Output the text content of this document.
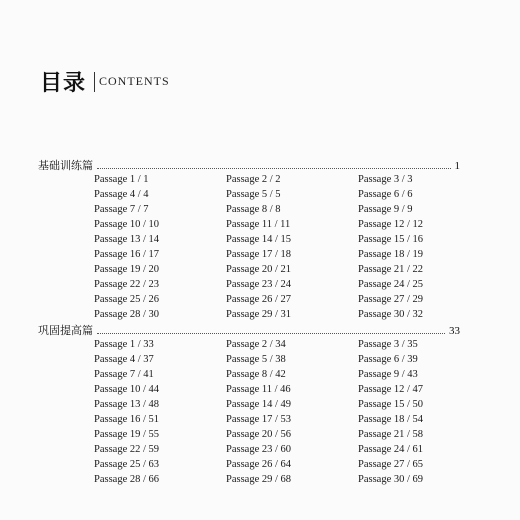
目录 CONTENTS
基础训练篇	1
Passage 1 / 1	Passage 2 / 2	Passage 3 / 3
Passage 4 / 4	Passage 5 / 5	Passage 6 / 6
Passage 7 / 7	Passage 8 / 8	Passage 9 / 9
Passage 10 / 10	Passage 11 / 11	Passage 12 / 12
Passage 13 / 14	Passage 14 / 15	Passage 15 / 16
Passage 16 / 17	Passage 17 / 18	Passage 18 / 19
Passage 19 / 20	Passage 20 / 21	Passage 21 / 22
Passage 22 / 23	Passage 23 / 24	Passage 24 / 25
Passage 25 / 26	Passage 26 / 27	Passage 27 / 29
Passage 28 / 30	Passage 29 / 31	Passage 30 / 32
巩固提高篇	33
Passage 1 / 33	Passage 2 / 34	Passage 3 / 35
Passage 4 / 37	Passage 5 / 38	Passage 6 / 39
Passage 7 / 41	Passage 8 / 42	Passage 9 / 43
Passage 10 / 44	Passage 11 / 46	Passage 12 / 47
Passage 13 / 48	Passage 14 / 49	Passage 15 / 50
Passage 16 / 51	Passage 17 / 53	Passage 18 / 54
Passage 19 / 55	Passage 20 / 56	Passage 21 / 58
Passage 22 / 59	Passage 23 / 60	Passage 24 / 61
Passage 25 / 63	Passage 26 / 64	Passage 27 / 65
Passage 28 / 66	Passage 29 / 68	Passage 30 / 69
